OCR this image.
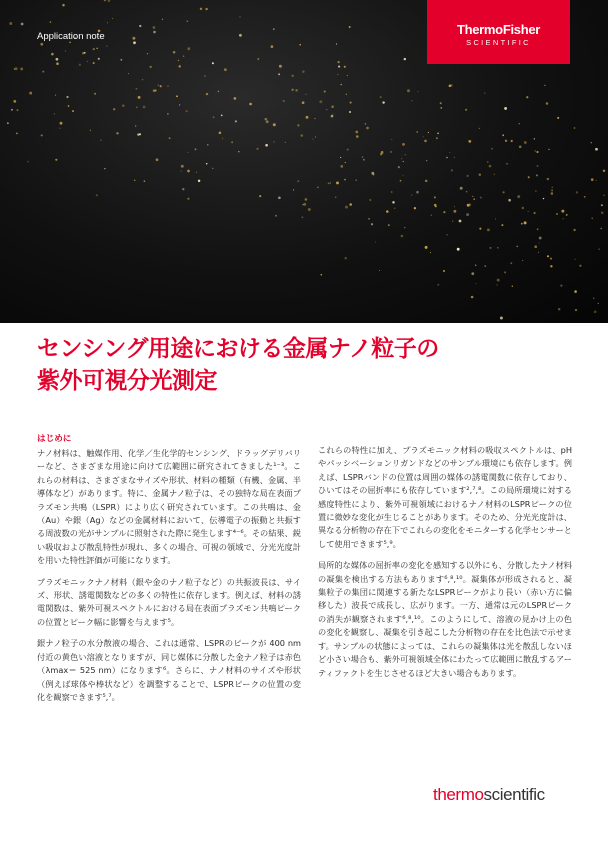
Application note	ThermoFisher
SCIENTIFIC
センシング用途における金属ナノ粒子の
紫外可視分光測定
はじめに

ナノ材料は、触媒作用、化学／生化学的センシング、ドラッグデリバリーなど、さまざまな用途に向けて広範囲に研究されてきました¹⁻³。これらの材料は、さまざまなサイズや形状、材料の種類（有機、金属、半導体など）があります。特に、金属ナノ粒子は、その独特な局在表面プラズモン共鳴（LSPR）により広く研究されています。この共鳴は、金（Au）や銀（Ag）などの金属材料において、伝導電子の振動と共振する周波数の光がサンプルに照射された際に発生します⁴⁻⁶。その結果、鋭い吸収および散乱特性が現れ、多くの場合、可視の領域で、分光光度計を用いた特性評価が可能になります。

プラズモニックナノ材料（銀や金のナノ粒子など）の共振波長は、サイズ、形状、誘電関数などの多くの特性に依存します。例えば、材料の誘電関数は、紫外可視スペクトルにおける局在表面プラズモン共鳴ピークの位置とピーク幅に影響を与えます⁵。

銀ナノ粒子の水分散液の場合、これは通常、LSPRのピークが 400 nm付近の黄色い溶液となりますが、同じ媒体に分散した金ナノ粒子は赤色（λmax＝ 525 nm）になります⁶。さらに、ナノ材料のサイズや形状（例えば球体や棒状など）を調整することで、LSPRピークの位置の変化を観察できます⁵,⁷。

これらの特性に加え、プラズモニック材料の吸収スペクトルは、pHやパッシベーションリガンドなどのサンプル環境にも依存します。例えば、LSPRバンドの位置は周囲の媒体の誘電関数に依存しており、ひいてはその屈折率にも依存しています²,⁷,⁸。この局所環境に対する感度特性により、紫外可視領域におけるナノ材料のLSPRピークの位置に微妙な変化が生じることがあります。そのため、分光光度計は、異なる分析物の存在下でこれらの変化をモニターする化学センサーとして使用できます⁵,⁹。

局所的な媒体の屈折率の変化を感知する以外にも、分散したナノ材料の凝集を検出する方法もあります⁶,⁸,¹⁰。凝集体が形成されると、凝集粒子の集団に関連する新たなLSPRピークがより長い（赤い方に偏移した）波長で成長し、広がります。一方、通常は元のLSPRピークの消失が観察されます⁶,⁸,¹⁰。このようにして、溶液の見かけ上の色の変化を観察し、凝集を引き起こした分析物の存在を比色法で示せます。サンプルの状態によっては、これらの凝集体は光を散乱しないほど小さい場合も、紫外可視領域全体にわたって広範囲に散乱するアーティファクトを生じさせるほど大きい場合もあります。

thermoscientific
